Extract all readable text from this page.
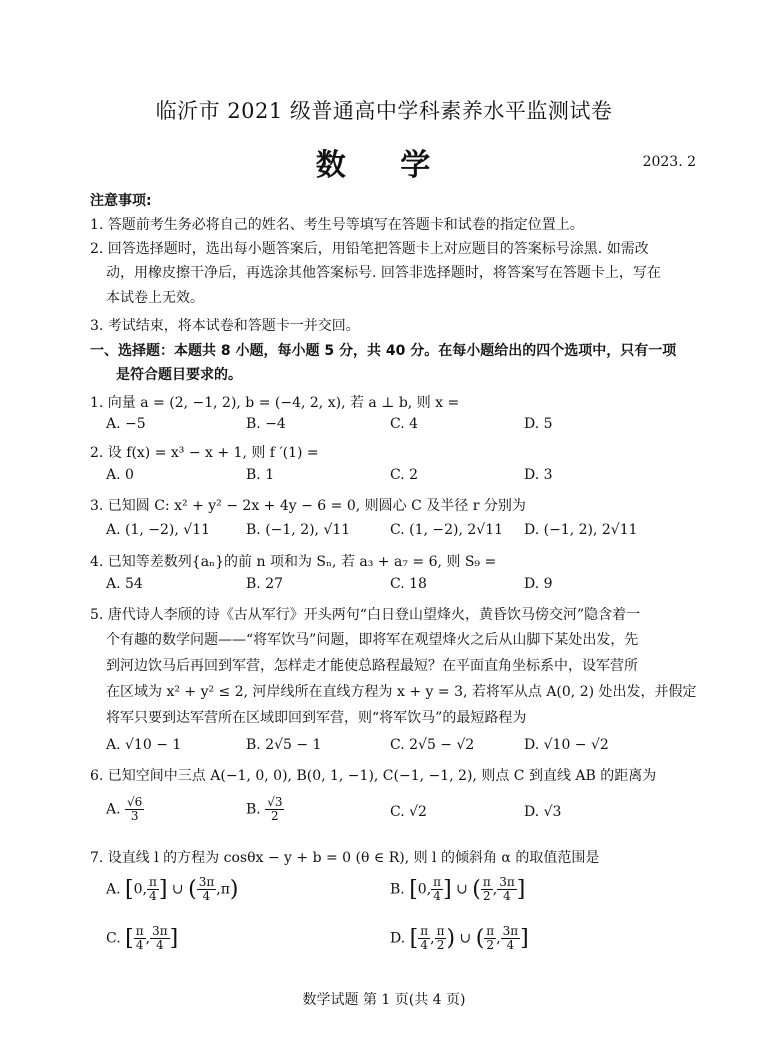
临沂市 2021 级普通高中学科素养水平监测试卷
数 学	2023. 2
注意事项:
1. 答题前考生务必将自己的姓名、考生号等填写在答题卡和试卷的指定位置上。
2. 回答选择题时，选出每小题答案后，用铅笔把答题卡上对应题目的答案标号涂黑. 如需改
动，用橡皮擦干净后，再选涂其他答案标号. 回答非选择题时，将答案写在答题卡上，写在
本试卷上无效。
3. 考试结束，将本试卷和答题卡一并交回。
一、选择题：本题共 8 小题，每小题 5 分，共 40 分。在每小题给出的四个选项中，只有一项
是符合题目要求的。
1. 向量 a = (2, −1, 2), b = (−4, 2, x), 若 a ⊥ b, 则 x =
A. −5	B. −4	C. 4	D. 5
2. 设 f(x) = x³ − x + 1, 则 f ′(1) =
A. 0	B. 1	C. 2	D. 3
3. 已知圆 C: x² + y² − 2x + 4y − 6 = 0, 则圆心 C 及半径 r 分别为
A. (1, −2), √11	B. (−1, 2), √11	C. (1, −2), 2√11 D. (−1, 2), 2√11
4. 已知等差数列{aₙ}的前 n 项和为 Sₙ, 若 a₃ + a₇ = 6, 则 S₉ =
A. 54	B. 27	C. 18	D. 9
5. 唐代诗人李颀的诗《古从军行》开头两句“白日登山望烽火，黄昏饮马傍交河”隐含着一
个有趣的数学问题——“将军饮马”问题，即将军在观望烽火之后从山脚下某处出发，先
到河边饮马后再回到军营，怎样走才能使总路程最短？在平面直角坐标系中，设军营所
在区域为 x² + y² ≤ 2, 河岸线所在直线方程为 x + y = 3, 若将军从点 A(0, 2) 处出发，并假定
将军只要到达军营所在区域即回到军营，则“将军饮马”的最短路程为
A. √10 − 1	B. 2√5 − 1	C. 2√5 − √2	D. √10 − √2
6. 已知空间中三点 A(−1, 0, 0), B(0, 1, −1), C(−1, −1, 2), 则点 C 到直线 AB 的距离为
A. $\frac{√6}{3}$	B. $\frac{√3}{2}$	C. √2	D. √3
7. 设直线 l 的方程为 cosθx − y + b = 0 (θ ∈ R), 则 l 的倾斜角 α 的取值范围是
A. [0, $\frac{\pi}{4}$ ] ∪ ( $\frac{3\pi}{4} ,\pi$)	B. [0, $\frac{\pi}{4}$ ] ∪ ( $\frac{\pi}{2}$ , $\frac{3\pi}{4}$ ]
C. [ $\frac{\pi}{4}$ , $\frac{3\pi}{4}$ ]	D. [ $\frac{\pi}{4}$ , $\frac{\pi}{2}$ ) ∪ ( $\frac{\pi}{2}$ , $\frac{3\pi}{4}$ ]
数学试题 第 1 页(共 4 页)
